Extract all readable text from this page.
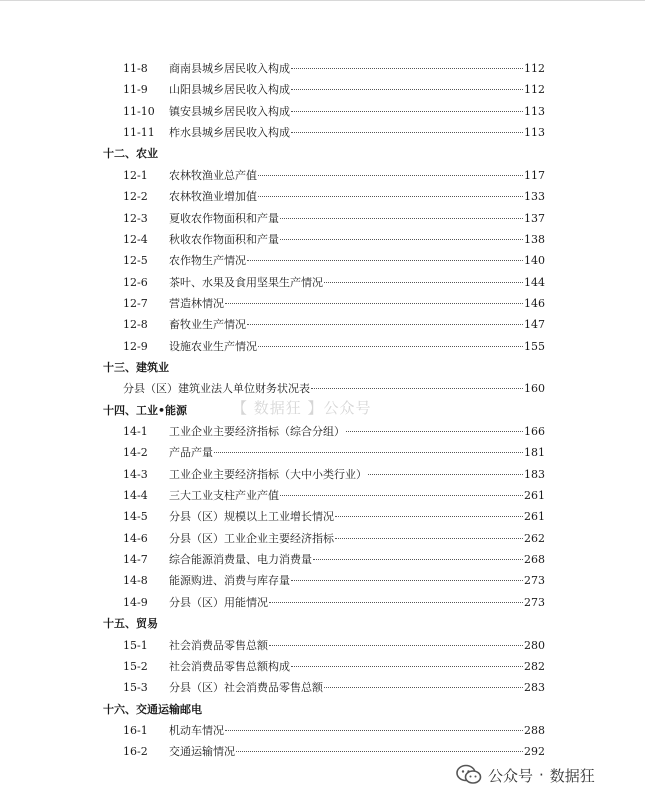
11-8	商南县城乡居民收入构成	112
11-9	山阳县城乡居民收入构成	112
11-10	镇安县城乡居民收入构成	113
11-11	柞水县城乡居民收入构成	113
十二、农业
12-1	农林牧渔业总产值	117
12-2	农林牧渔业增加值	133
12-3	夏收农作物面积和产量	137
12-4	秋收农作物面积和产量	138
12-5	农作物生产情况	140
12-6	茶叶、水果及食用坚果生产情况	144
12-7	营造林情况	146
12-8	畜牧业生产情况	147
12-9	设施农业生产情况	155
十三、建筑业
分县（区）建筑业法人单位财务状况表	160
十四、工业•能源
14-1	工业企业主要经济指标（综合分组）	166
14-2	产品产量	181
14-3	工业企业主要经济指标（大中小类行业）	183
14-4	三大工业支柱产业产值	261
14-5	分县（区）规模以上工业增长情况	261
14-6	分县（区）工业企业主要经济指标	262
14-7	综合能源消费量、电力消费量	268
14-8	能源购进、消费与库存量	273
14-9	分县（区）用能情况	273
十五、贸易
15-1	社会消费品零售总额	280
15-2	社会消费品零售总额构成	282
15-3	分县（区）社会消费品零售总额	283
十六、交通运输邮电
16-1	机动车情况	288
16-2	交通运输情况	292
【 数据狂 】公众号
公众号 · 数据狂
